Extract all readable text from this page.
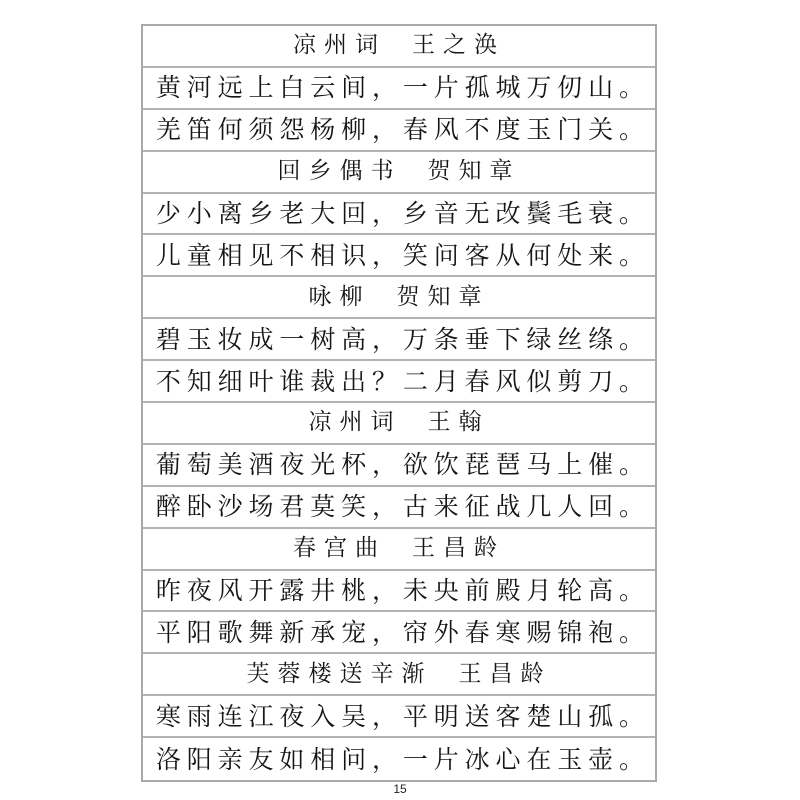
凉州词 王之涣
黄 河 远 上 白 云 间 ， 一 片 孤 城 万 仞 山 。
羌 笛 何 须 怨 杨 柳 ， 春 风 不 度 玉 门 关 。
回乡偶书 贺知章
少 小 离 乡 老 大 回 ， 乡 音 无 改 鬓 毛 衰 。
儿 童 相 见 不 相 识 ， 笑 问 客 从 何 处 来 。
咏柳 贺知章
碧 玉 妆 成 一 树 高 ， 万 条 垂 下 绿 丝 绦 。
不 知 细 叶 谁 裁 出 ？ 二 月 春 风 似 剪 刀 。
凉州词 王翰
葡 萄 美 酒 夜 光 杯 ， 欲 饮 琵 琶 马 上 催 。
醉 卧 沙 场 君 莫 笑 ， 古 来 征 战 几 人 回 。
春宫曲 王昌龄
昨 夜 风 开 露 井 桃 ， 未 央 前 殿 月 轮 高 。
平 阳 歌 舞 新 承 宠 ， 帘 外 春 寒 赐 锦 袍 。
芙蓉楼送辛渐 王昌龄
寒 雨 连 江 夜 入 吴 ， 平 明 送 客 楚 山 孤 。
洛 阳 亲 友 如 相 问 ， 一 片 冰 心 在 玉 壶 。
15
